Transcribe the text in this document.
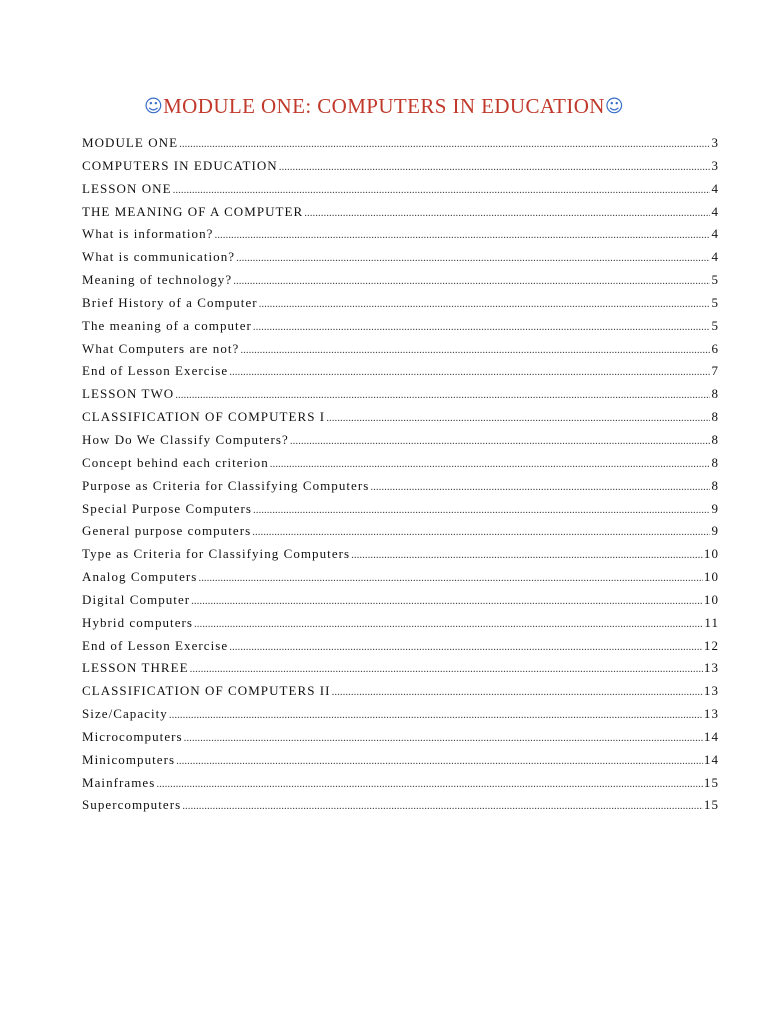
☺MODULE ONE: COMPUTERS IN EDUCATION☺
MODULE ONE .....	3
COMPUTERS IN EDUCATION .....	3
LESSON ONE .....	4
THE MEANING OF A COMPUTER .....	4
What is information? .....	4
What is communication? .....	4
Meaning of technology? .....	5
Brief History of a Computer .....	5
The meaning of a computer .....	5
What Computers are not? .....	6
End of Lesson Exercise .....	7
LESSON TWO .....	8
CLASSIFICATION OF COMPUTERS I .....	8
How Do We Classify Computers? .....	8
Concept behind each criterion .....	8
Purpose as Criteria for Classifying Computers .....	8
Special Purpose Computers .....	9
General purpose computers .....	9
Type as Criteria for Classifying Computers .....	10
Analog Computers .....	10
Digital Computer .....	10
Hybrid computers .....	11
End of Lesson Exercise .....	12
LESSON THREE .....	13
CLASSIFICATION OF COMPUTERS II .....	13
Size/Capacity .....	13
Microcomputers .....	14
Minicomputers .....	14
Mainframes .....	15
Supercomputers .....	15
